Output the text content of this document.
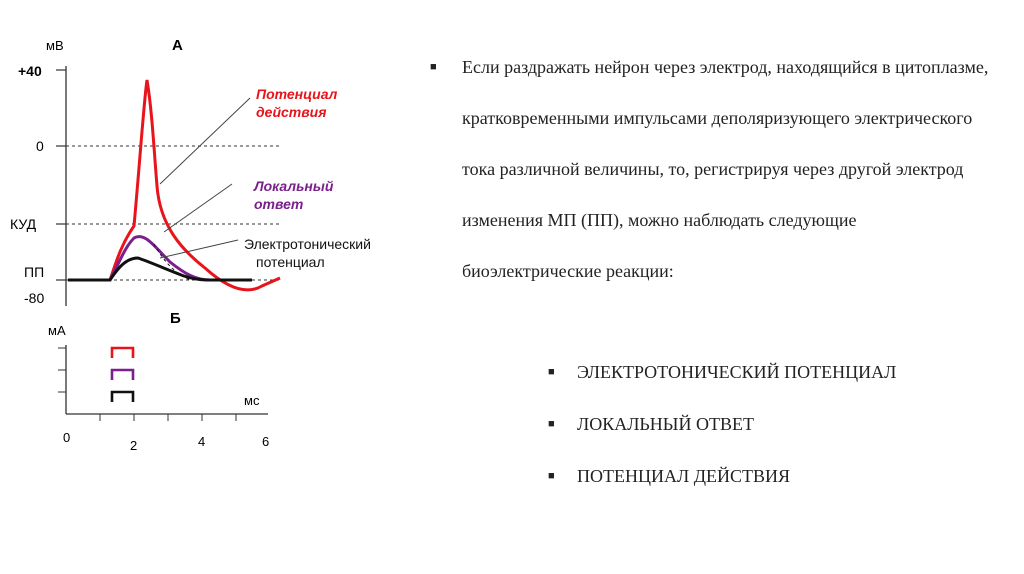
мВ
+40
0
КУД
ПП
-80
А
Потенциал
действия
Локальный
ответ
Электротонический
потенциал
мА
Б
мс
0
2	4	6
■ Если раздражать нейрон через электрод, находящийся в цитоплазме, кратковременными импульсами деполяризующего электрического тока различной величины, то, регистрируя через другой электрод изменения МП (ПП), можно наблюдать следующие биоэлектрические реакции:
■ ЭЛЕКТРОТОНИЧЕСКИЙ ПОТЕНЦИАЛ
■ ЛОКАЛЬНЫЙ ОТВЕТ
■ ПОТЕНЦИАЛ ДЕЙСТВИЯ
